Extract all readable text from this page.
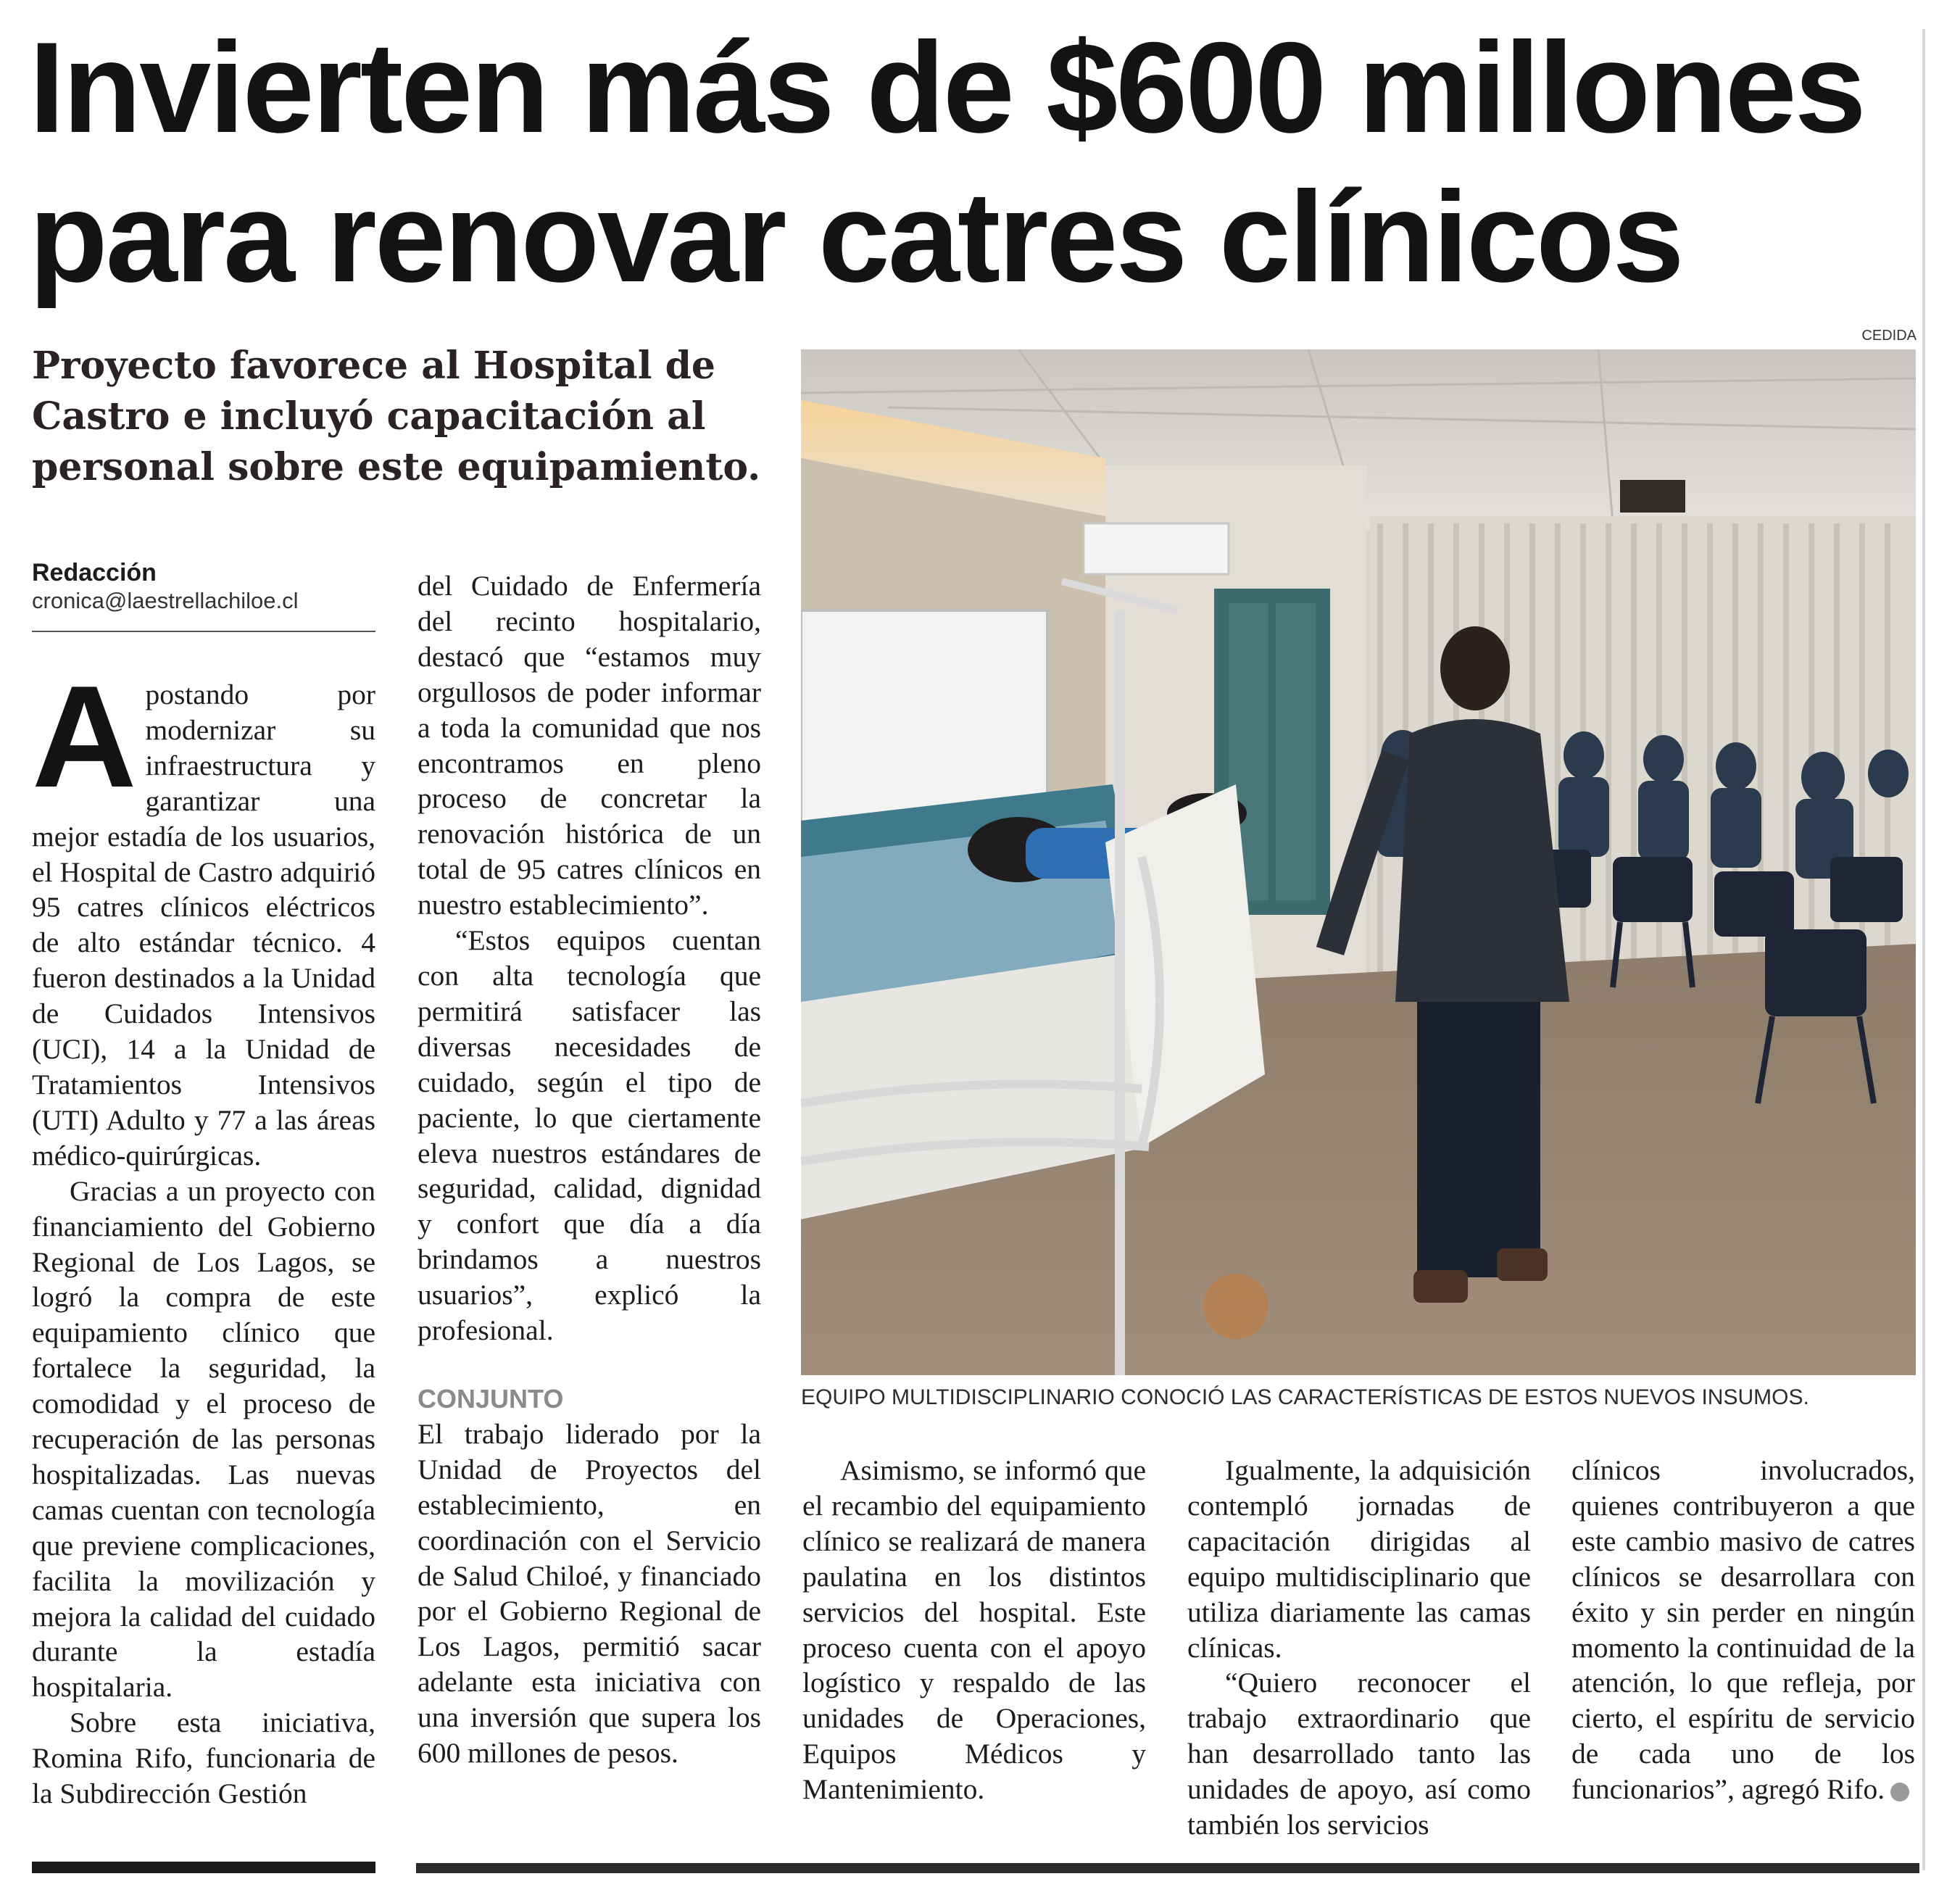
Invierten más de $600 millones
para renovar catres clínicos

Proyecto favorece al Hospital de Castro e incluyó capacitación al personal sobre este equipamiento.

Redacción
cronica@laestrellachiloe.cl

Apostando por modernizar su infraestructura y garantizar una mejor estadía de los usuarios, el Hospital de Castro adquirió 95 catres clínicos eléctricos de alto estándar técnico. 4 fueron destinados a la Unidad de Cuidados Intensivos (UCI), 14 a la Unidad de Tratamientos Intensivos (UTI) Adulto y 77 a las áreas médico-quirúrgicas.

Gracias a un proyecto con financiamiento del Gobierno Regional de Los Lagos, se logró la compra de este equipamiento clínico que fortalece la seguridad, la comodidad y el proceso de recuperación de las personas hospitalizadas. Las nuevas camas cuentan con tecnología que previene complicaciones, facilita la movilización y mejora la calidad del cuidado durante la estadía hospitalaria.

Sobre esta iniciativa, Romina Rifo, funcionaria de la Subdirección Gestión

del Cuidado de Enfermería del recinto hospitalario, destacó que “estamos muy orgullosos de poder informar a toda la comunidad que nos encontramos en pleno proceso de concretar la renovación histórica de un total de 95 catres clínicos en nuestro establecimiento”.

“Estos equipos cuentan con alta tecnología que permitirá satisfacer las diversas necesidades de cuidado, según el tipo de paciente, lo que ciertamente eleva nuestros estándares de seguridad, calidad, dignidad y confort que día a día brindamos a nuestros usuarios”, explicó la profesional.

CONJUNTO

El trabajo liderado por la Unidad de Proyectos del establecimiento, en coordinación con el Servicio de Salud Chiloé, y financiado por el Gobierno Regional de Los Lagos, permitió sacar adelante esta iniciativa con una inversión que supera los 600 millones de pesos.

CEDIDA
EQUIPO MULTIDISCIPLINARIO CONOCIÓ LAS CARACTERÍSTICAS DE ESTOS NUEVOS INSUMOS.

Asimismo, se informó que el recambio del equipamiento clínico se realizará de manera paulatina en los distintos servicios del hospital. Este proceso cuenta con el apoyo logístico y respaldo de las unidades de Operaciones, Equipos Médicos y Mantenimiento.

Igualmente, la adquisición contempló jornadas de capacitación dirigidas al equipo multidisciplinario que utiliza diariamente las camas clínicas.

“Quiero reconocer el trabajo extraordinario que han desarrollado tanto las unidades de apoyo, así como también los servicios

clínicos involucrados, quienes contribuyeron a que este cambio masivo de catres clínicos se desarrollara con éxito y sin perder en ningún momento la continuidad de la atención, lo que refleja, por cierto, el espíritu de servicio de cada uno de los funcionarios”, agregó Rifo.
